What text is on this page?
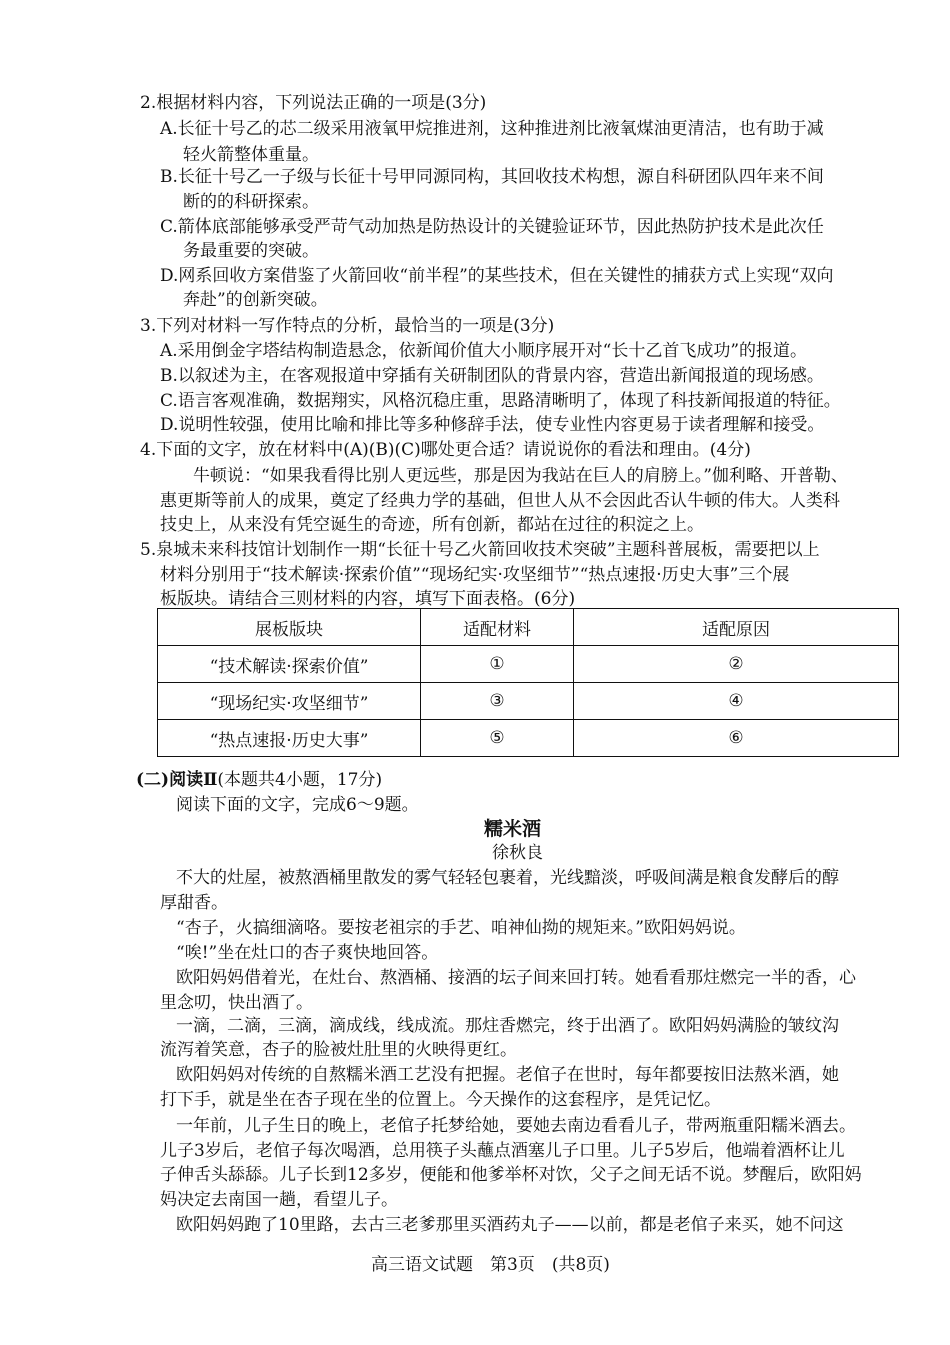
2.根据材料内容，下列说法正确的一项是(3分)
A.长征十号乙的芯二级采用液氧甲烷推进剂，这种推进剂比液氧煤油更清洁，也有助于减
轻火箭整体重量。
B.长征十号乙一子级与长征十号甲同源同构，其回收技术构想，源自科研团队四年来不间
断的的科研探索。
C.箭体底部能够承受严苛气动加热是防热设计的关键验证环节，因此热防护技术是此次任
务最重要的突破。
D.网系回收方案借鉴了火箭回收“前半程”的某些技术，但在关键性的捕获方式上实现“双向
奔赴”的创新突破。
3.下列对材料一写作特点的分析，最恰当的一项是(3分)
A.采用倒金字塔结构制造悬念，依新闻价值大小顺序展开对“长十乙首飞成功”的报道。
B.以叙述为主，在客观报道中穿插有关研制团队的背景内容，营造出新闻报道的现场感。
C.语言客观准确，数据翔实，风格沉稳庄重，思路清晰明了，体现了科技新闻报道的特征。
D.说明性较强，使用比喻和排比等多种修辞手法，使专业性内容更易于读者理解和接受。
4.下面的文字，放在材料中(A)(B)(C)哪处更合适？请说说你的看法和理由。(4分)
牛顿说：“如果我看得比别人更远些，那是因为我站在巨人的肩膀上。”伽利略、开普勒、
惠更斯等前人的成果，奠定了经典力学的基础，但世人从不会因此否认牛顿的伟大。人类科
技史上，从来没有凭空诞生的奇迹，所有创新，都站在过往的积淀之上。
5.泉城未来科技馆计划制作一期“长征十号乙火箭回收技术突破”主题科普展板，需要把以上
材料分别用于“技术解读·探索价值”“现场纪实·攻坚细节”“热点速报·历史大事”三个展
板版块。请结合三则材料的内容，填写下面表格。(6分)
阅读下面的文字，完成6～9题。
不大的灶屋，被熬酒桶里散发的雾气轻轻包裹着，光线黯淡，呼吸间满是粮食发酵后的醇
厚甜香。
“杏子，火搞细滴咯。要按老祖宗的手艺、咱神仙拗的规矩来。”欧阳妈妈说。
“唉!”坐在灶口的杏子爽快地回答。
欧阳妈妈借着光，在灶台、熬酒桶、接酒的坛子间来回打转。她看看那炷燃完一半的香，心
里念叨，快出酒了。
一滴，二滴，三滴，滴成线，线成流。那炷香燃完，终于出酒了。欧阳妈妈满脸的皱纹沟
流泻着笑意，杏子的脸被灶肚里的火映得更红。
欧阳妈妈对传统的自熬糯米酒工艺没有把握。老倌子在世时，每年都要按旧法熬米酒，她
打下手，就是坐在杏子现在坐的位置上。今天操作的这套程序，是凭记忆。
一年前，儿子生日的晚上，老倌子托梦给她，要她去南边看看儿子，带两瓶重阳糯米酒去。
儿子3岁后，老倌子每次喝酒，总用筷子头蘸点酒塞儿子口里。儿子5岁后，他端着酒杯让儿
子伸舌头舔舔。儿子长到12多岁，便能和他爹举杯对饮，父子之间无话不说。梦醒后，欧阳妈
妈决定去南国一趟，看望儿子。
欧阳妈妈跑了10里路，去古三老爹那里买酒药丸子——以前，都是老倌子来买，她不问这
展板版块	适配材料	适配原因
“技术解读·探索价值”	①	②
“现场纪实·攻坚细节”	③	④
“热点速报·历史大事”	⑤	⑥
(二)阅读Ⅱ(本题共4小题，17分)
糯米酒
徐秋良
高三语文试题　第3页　(共8页)
